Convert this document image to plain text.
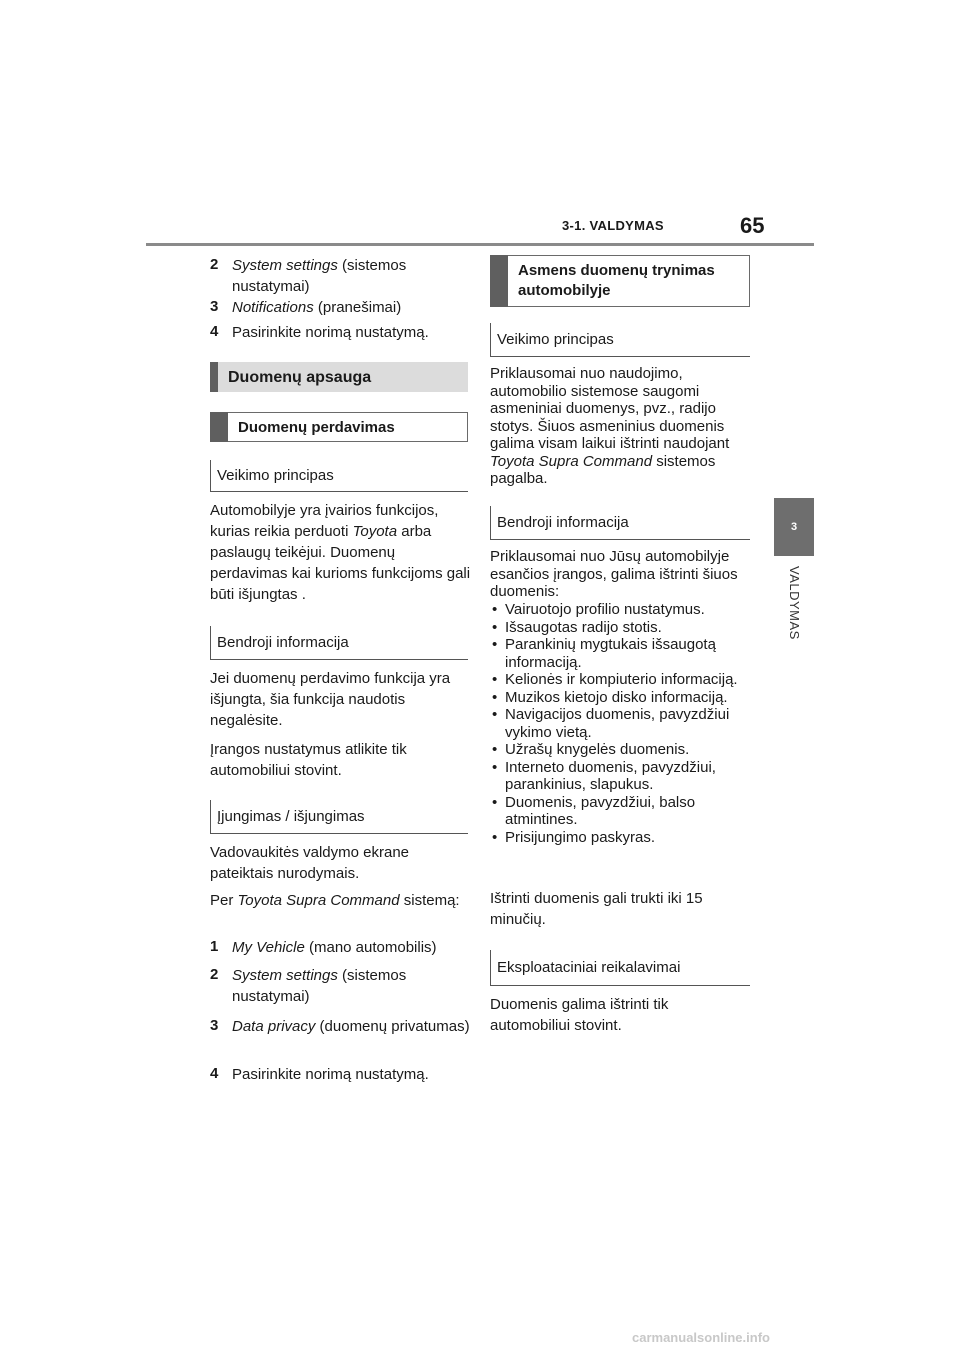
3-1. VALDYMAS	65
3
VALDYMAS
2 System settings (sistemos nustatymai)
3 Notifications (pranešimai)
4 Pasirinkite norimą nustatymą.
Duomenų apsauga
Duomenų perdavimas
Veikimo principas
Automobilyje yra įvairios funkcijos, kurias reikia perduoti Toyota arba paslaugų teikėjui. Duomenų perdavimas kai kurioms funkcijoms gali būti išjungtas .
Bendroji informacija
Jei duomenų perdavimo funkcija yra išjungta, šia funkcija naudotis negalėsite.
Įrangos nustatymus atlikite tik automobiliui stovint.
Įjungimas / išjungimas
Vadovaukitės valdymo ekrane pateiktais nurodymais.
Per Toyota Supra Command sistemą:
1 My Vehicle (mano automobilis)
2 System settings (sistemos nustatymai)
3 Data privacy (duomenų privatumas)
4 Pasirinkite norimą nustatymą.
Asmens duomenų trynimas automobilyje
Veikimo principas
Priklausomai nuo naudojimo, automobilio sistemose saugomi asmeniniai duomenys, pvz., radijo stotys. Šiuos asmeninius duomenis galima visam laikui ištrinti naudojant Toyota Supra Command sistemos pagalba.
Bendroji informacija
Priklausomai nuo Jūsų automobilyje esančios įrangos, galima ištrinti šiuos duomenis:
• Vairuotojo profilio nustatymus.
• Išsaugotas radijo stotis.
• Parankinių mygtukais išsaugotą informaciją.
• Kelionės ir kompiuterio informaciją.
• Muzikos kietojo disko informaciją.
• Navigacijos duomenis, pavyzdžiui vykimo vietą.
• Užrašų knygelės duomenis.
• Interneto duomenis, pavyzdžiui, parankinius, slapukus.
• Duomenis, pavyzdžiui, balso atmintines.
• Prisijungimo paskyras.
Ištrinti duomenis gali trukti iki 15 minučių.
Eksploataciniai reikalavimai
Duomenis galima ištrinti tik automobiliui stovint.
carmanualsonline.info
